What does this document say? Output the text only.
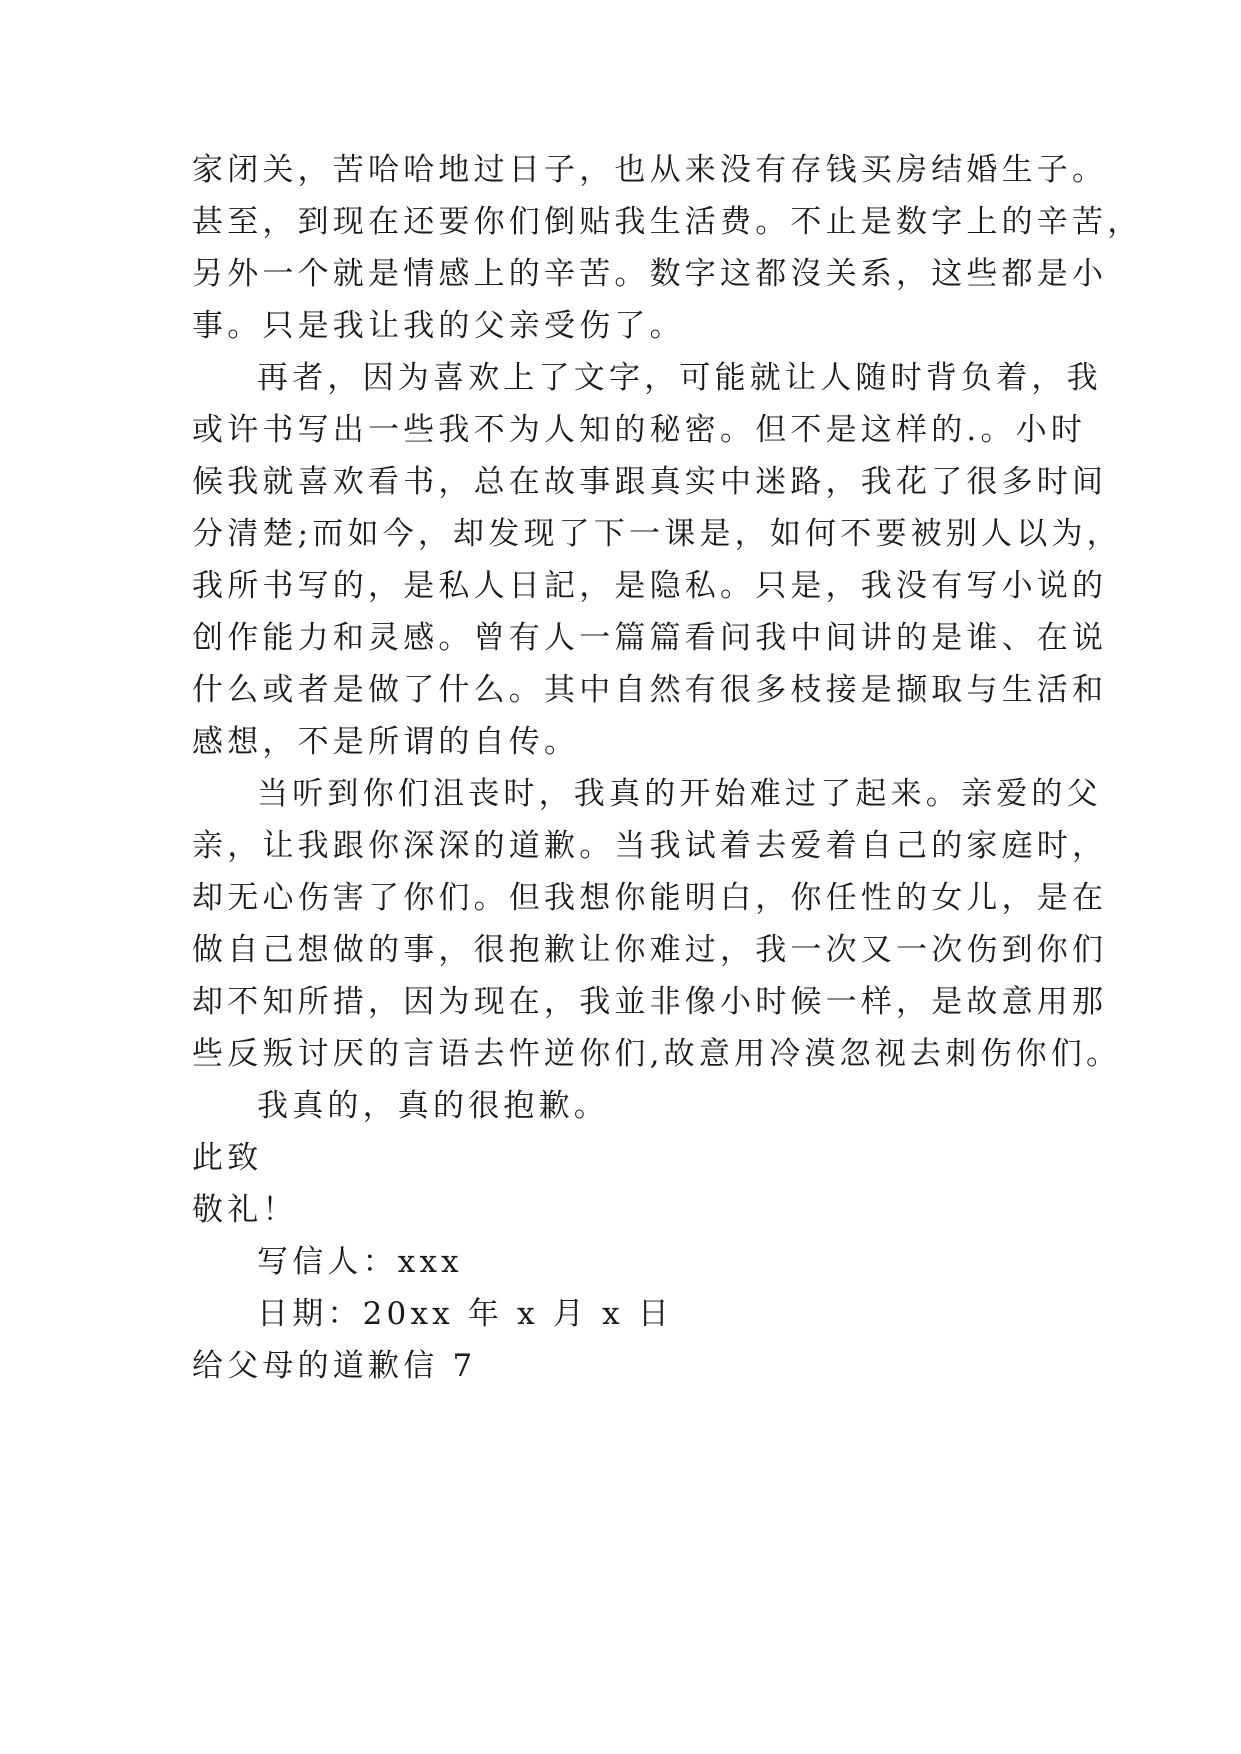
家闭关，苦哈哈地过日子，也从来没有存钱买房结婚生子。
甚至，到现在还要你们倒贴我生活费。不止是数字上的辛苦，
另外一个就是情感上的辛苦。数字这都沒关系，这些都是小
事。只是我让我的父亲受伤了。
再者，因为喜欢上了文字，可能就让人随时背负着，我
或许书写出一些我不为人知的秘密。但不是这样的.。小时
候我就喜欢看书，总在故事跟真实中迷路，我花了很多时间
分清楚;而如今，却发现了下一课是，如何不要被别人以为，
我所书写的，是私人日記，是隐私。只是，我没有写小说的
创作能力和灵感。曾有人一篇篇看问我中间讲的是谁、在说
什么或者是做了什么。其中自然有很多枝接是撷取与生活和
感想，不是所谓的自传。
当听到你们沮丧时，我真的开始难过了起来。亲爱的父
亲，让我跟你深深的道歉。当我试着去爱着自己的家庭时，
却无心伤害了你们。但我想你能明白，你任性的女儿，是在
做自己想做的事，很抱歉让你难过，我一次又一次伤到你们
却不知所措，因为现在，我並非像小时候一样，是故意用那
些反叛讨厌的言语去忤逆你们,故意用冷漠忽视去刺伤你们。
我真的，真的很抱歉。
此致
敬礼！
写信人：xxx
日期：20xx 年 x 月 x 日
给父母的道歉信 7
